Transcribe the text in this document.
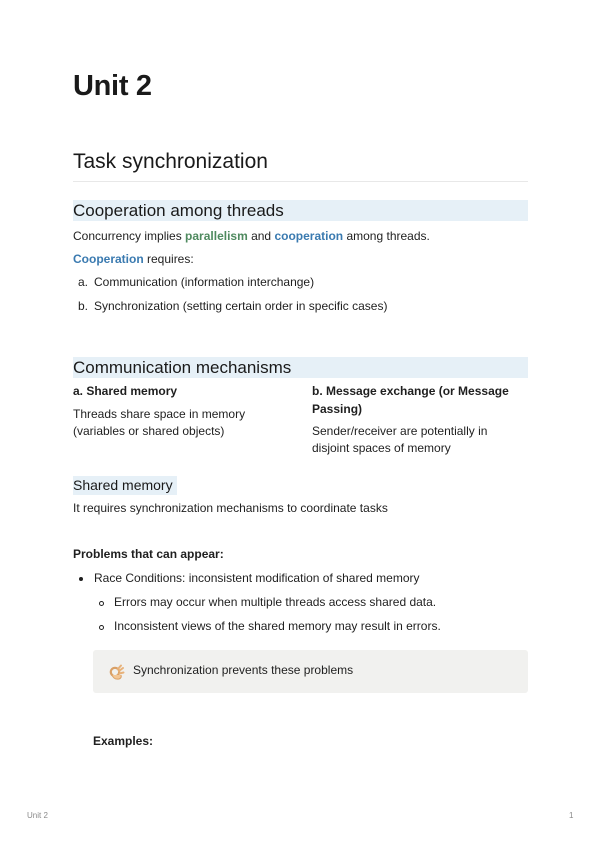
Unit 2
Task synchronization
Cooperation among threads

Concurrency implies parallelism and cooperation among threads.

Cooperation requires:

a. Communication (information interchange)
b. Synchronization (setting certain order in specific cases)
Communication mechanisms
a. Shared memory
Threads share space in memory
(variables or shared objects)
b. Message exchange (or Message
Passing)
Sender/receiver are potentially in
disjoint spaces of memory
Shared memory

It requires synchronization mechanisms to coordinate tasks

Problems that can appear:

Race Conditions: inconsistent modification of shared memory
Errors may occur when multiple threads access shared data.
Inconsistent views of the shared memory may result in errors.
Synchronization prevents these problems

Examples:

Unit 2	1
